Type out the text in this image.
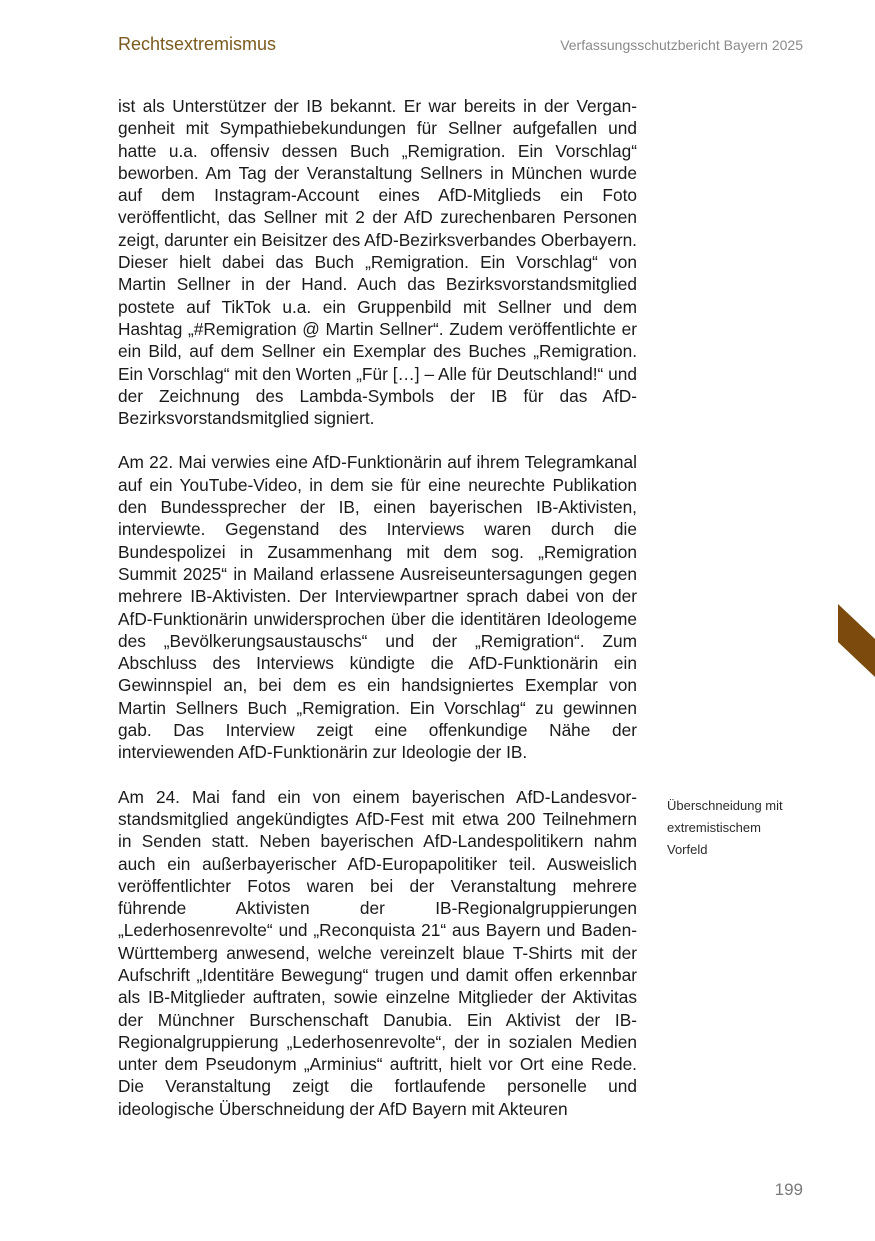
Rechtsextremismus	Verfassungsschutzbericht Bayern 2025

ist als Unterstützer der IB bekannt. Er war bereits in der Vergangenheit mit Sympathiebekundungen für Sellner aufgefallen und hatte u.a. offensiv dessen Buch „Remigration. Ein Vorschlag“ beworben. Am Tag der Veranstaltung Sellners in München wurde auf dem Instagram-Account eines AfD-Mitglieds ein Foto veröffentlicht, das Sellner mit 2 der AfD zurechenbaren Personen zeigt, darunter ein Beisitzer des AfD-Bezirksverbandes Oberbayern. Dieser hielt dabei das Buch „Remigration. Ein Vorschlag“ von Martin Sellner in der Hand. Auch das Bezirksvorstandsmitglied postete auf TikTok u.a. ein Gruppenbild mit Sellner und dem Hashtag „#Remigration @ Martin Sellner“. Zudem veröffentlichte er ein Bild, auf dem Sellner ein Exemplar des Buches „Remigration. Ein Vorschlag“ mit den Worten „Für […] – Alle für Deutschland!“ und der Zeichnung des Lambda-Symbols der IB für das AfD-Bezirksvorstandsmitglied signiert.

Am 22. Mai verwies eine AfD-Funktionärin auf ihrem Telegramkanal auf ein YouTube-Video, in dem sie für eine neurechte Publikation den Bundessprecher der IB, einen bayerischen IB-Aktivisten, interviewte. Gegenstand des Interviews waren durch die Bundespolizei in Zusammenhang mit dem sog. „Remigration Summit 2025“ in Mailand erlassene Ausreiseuntersagungen gegen mehrere IB-Aktivisten. Der Interviewpartner sprach dabei von der AfD-Funktionärin unwidersprochen über die identitären Ideologeme des „Bevölkerungsaustauschs“ und der „Remigration“. Zum Abschluss des Interviews kündigte die AfD-Funktionärin ein Gewinnspiel an, bei dem es ein handsigniertes Exemplar von Martin Sellners Buch „Remigration. Ein Vorschlag“ zu gewinnen gab. Das Interview zeigt eine offenkundige Nähe der interviewenden AfD-Funktionärin zur Ideologie der IB.

Am 24. Mai fand ein von einem bayerischen AfD-Landesvorstandsmitglied angekündigtes AfD-Fest mit etwa 200 Teilnehmern in Senden statt. Neben bayerischen AfD-Landespolitikern nahm auch ein außerbayerischer AfD-Europapolitiker teil. Ausweislich veröffentlichter Fotos waren bei der Veranstaltung mehrere führende Aktivisten der IB-Regionalgruppierungen „Lederhosenrevolte“ und „Reconquista 21“ aus Bayern und Baden-Württemberg anwesend, welche vereinzelt blaue T-Shirts mit der Aufschrift „Identitäre Bewegung“ trugen und damit offen erkennbar als IB-Mitglieder auftraten, sowie einzelne Mitglieder der Aktivitas der Münchner Burschenschaft Danubia. Ein Aktivist der IB-Regionalgruppierung „Lederhosenrevolte“, der in sozialen Medien unter dem Pseudonym „Arminius“ auftritt, hielt vor Ort eine Rede. Die Veranstaltung zeigt die fortlaufende personelle und ideologische Überschneidung der AfD Bayern mit Akteuren

Überschneidung mit
extremistischem
Vorfeld
199
